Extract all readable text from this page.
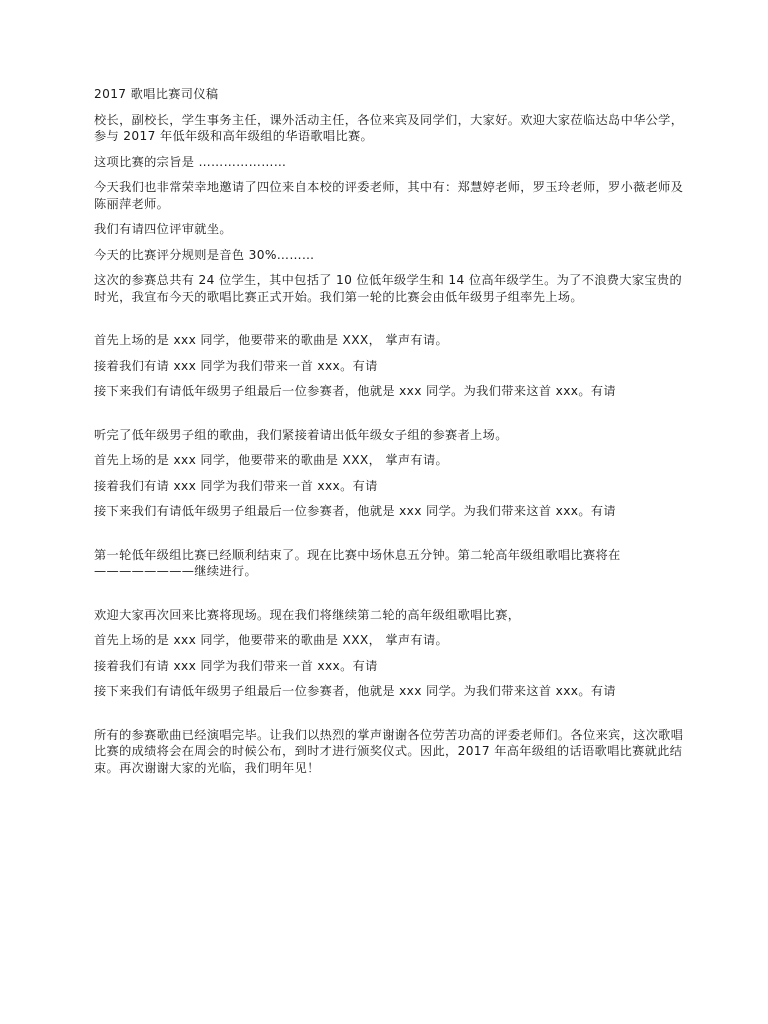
2017 歌唱比赛司仪稿

校长，副校长，学生事务主任，课外活动主任，各位来宾及同学们，大家好。欢迎大家莅临达岛中华公学，参与 2017 年低年级和高年级组的华语歌唱比赛。

这项比赛的宗旨是 …………………

今天我们也非常荣幸地邀请了四位来自本校的评委老师，其中有：郑慧婷老师，罗玉玲老师，罗小薇老师及陈丽萍老师。

我们有请四位评审就坐。

今天的比赛评分规则是音色 30%………

这次的参赛总共有 24 位学生，其中包括了 10 位低年级学生和 14 位高年级学生。为了不浪费大家宝贵的时光，我宣布今天的歌唱比赛正式开始。我们第一轮的比赛会由低年级男子组率先上场。

首先上场的是 xxx 同学，他要带来的歌曲是 XXX， 掌声有请。

接着我们有请 xxx 同学为我们带来一首 xxx。有请

接下来我们有请低年级男子组最后一位参赛者，他就是 xxx 同学。为我们带来这首 xxx。有请

听完了低年级男子组的歌曲，我们紧接着请出低年级女子组的参赛者上场。

首先上场的是 xxx 同学，他要带来的歌曲是 XXX， 掌声有请。

接着我们有请 xxx 同学为我们带来一首 xxx。有请

接下来我们有请低年级男子组最后一位参赛者，他就是 xxx 同学。为我们带来这首 xxx。有请

第一轮低年级组比赛已经顺利结束了。现在比赛中场休息五分钟。第二轮高年级组歌唱比赛将在————————继续进行。

欢迎大家再次回来比赛将现场。现在我们将继续第二轮的高年级组歌唱比赛，

首先上场的是 xxx 同学，他要带来的歌曲是 XXX， 掌声有请。

接着我们有请 xxx 同学为我们带来一首 xxx。有请

接下来我们有请低年级男子组最后一位参赛者，他就是 xxx 同学。为我们带来这首 xxx。有请

所有的参赛歌曲已经演唱完毕。让我们以热烈的掌声谢谢各位劳苦功高的评委老师们。各位来宾，这次歌唱比赛的成绩将会在周会的时候公布，到时才进行颁奖仪式。因此，2017 年高年级组的话语歌唱比赛就此结束。再次谢谢大家的光临，我们明年见！
